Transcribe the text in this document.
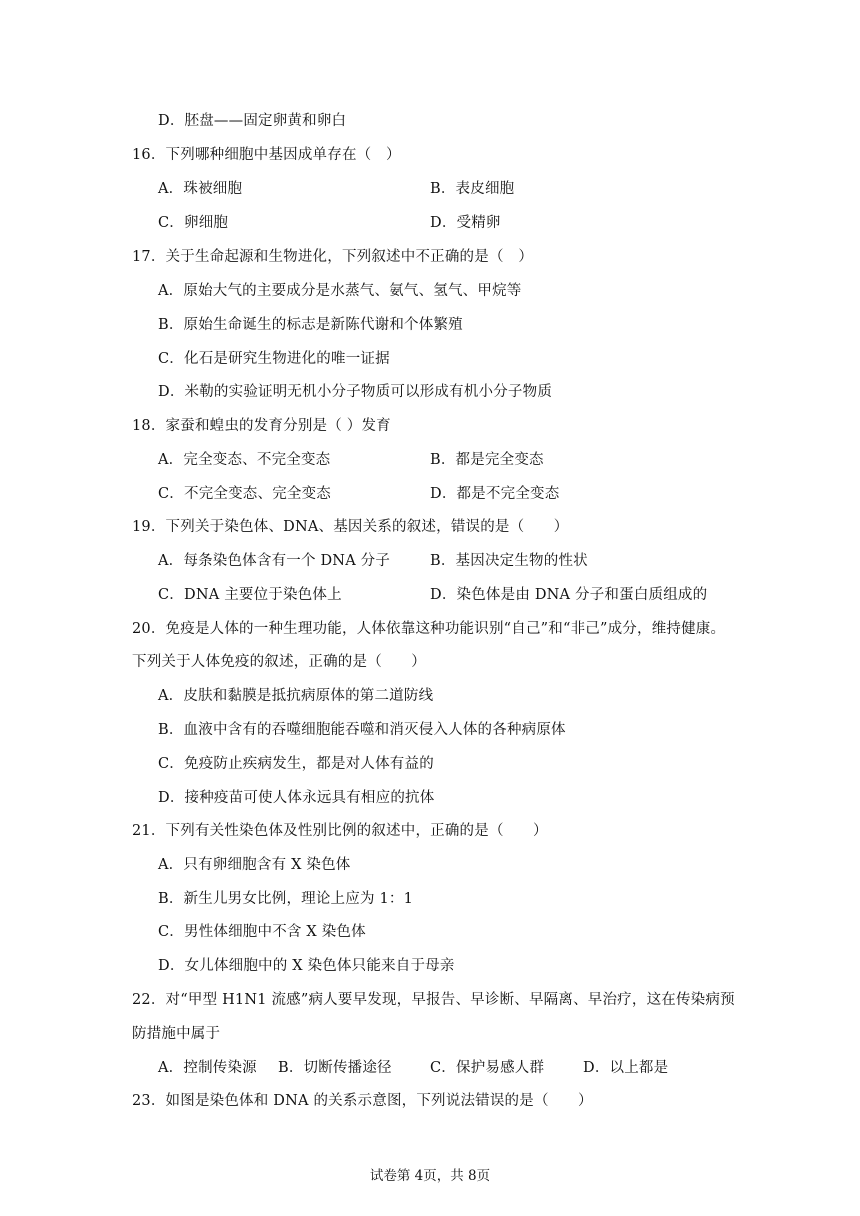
D．胚盘——固定卵黄和卵白
16．下列哪种细胞中基因成单存在（　）
A．珠被细胞	B．表皮细胞
C．卵细胞	D．受精卵
17．关于生命起源和生物进化，下列叙述中不正确的是（　）
A．原始大气的主要成分是水蒸气、氨气、氢气、甲烷等
B．原始生命诞生的标志是新陈代谢和个体繁殖
C．化石是研究生物进化的唯一证据
D．米勒的实验证明无机小分子物质可以形成有机小分子物质
18．家蚕和蝗虫的发育分别是（ ）发育
A．完全变态、不完全变态	B．都是完全变态
C．不完全变态、完全变态	D．都是不完全变态
19．下列关于染色体、DNA、基因关系的叙述，错误的是（　　）
A．每条染色体含有一个 DNA 分子	B．基因决定生物的性状
C．DNA 主要位于染色体上	D．染色体是由 DNA 分子和蛋白质组成的
20．免疫是人体的一种生理功能，人体依靠这种功能识别“自己”和“非己”成分，维持健康。
下列关于人体免疫的叙述，正确的是（　　）
A．皮肤和黏膜是抵抗病原体的第二道防线
B．血液中含有的吞噬细胞能吞噬和消灭侵入人体的各种病原体
C．免疫防止疾病发生，都是对人体有益的
D．接种疫苗可使人体永远具有相应的抗体
21．下列有关性染色体及性别比例的叙述中，正确的是（　　）
A．只有卵细胞含有 X 染色体
B．新生儿男女比例，理论上应为 1：1
C．男性体细胞中不含 X 染色体
D．女儿体细胞中的 X 染色体只能来自于母亲
22．对“甲型 H1N1 流感”病人要早发现，早报告、早诊断、早隔离、早治疗，这在传染病预
防措施中属于
A．控制传染源 B．切断传播途径	C．保护易感人群	D．以上都是
23．如图是染色体和 DNA 的关系示意图，下列说法错误的是（　　）
试卷第 4页，共 8页
